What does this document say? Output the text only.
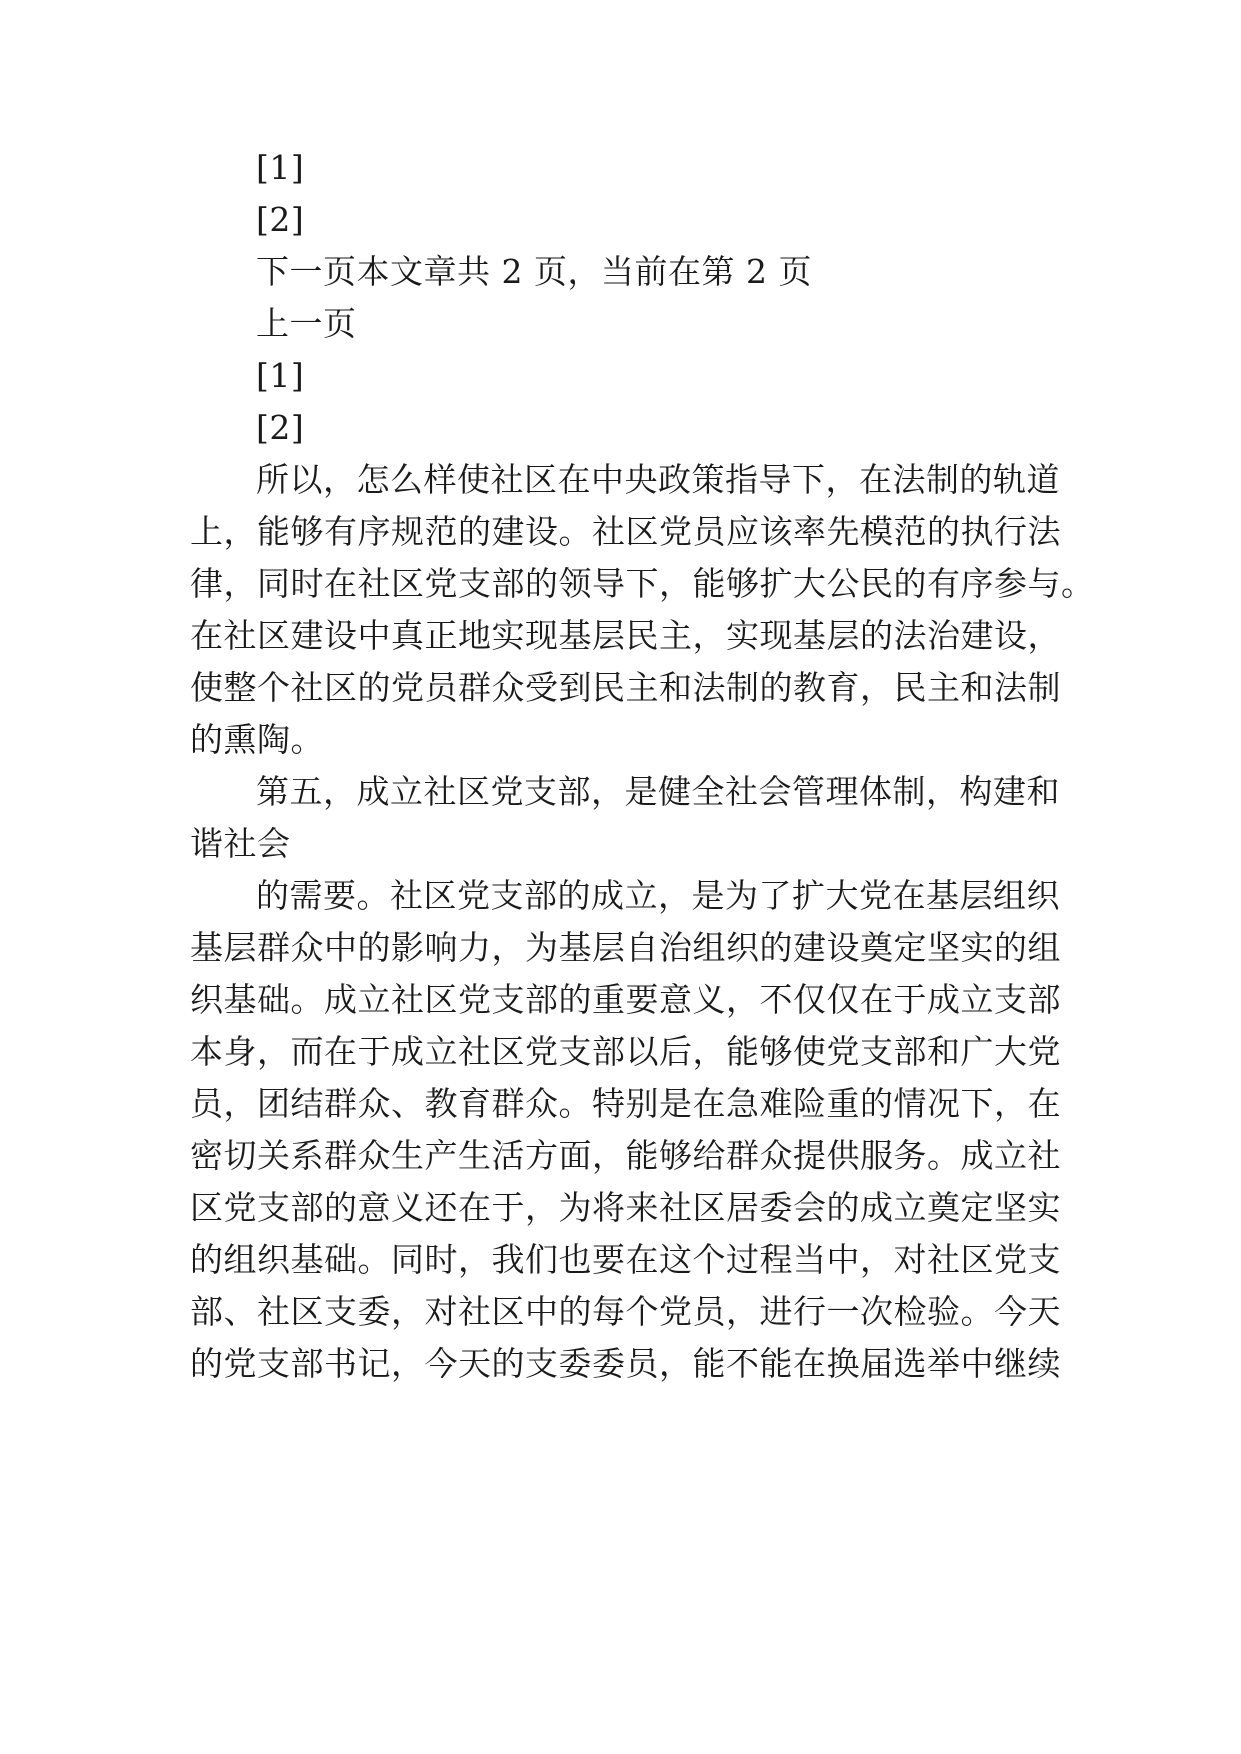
[1]
[2]
下一页本文章共 2 页，当前在第 2 页
上一页
[1]
[2]
所以，怎么样使社区在中央政策指导下，在法制的轨道
上，能够有序规范的建设。社区党员应该率先模范的执行法
律，同时在社区党支部的领导下，能够扩大公民的有序参与。
在社区建设中真正地实现基层民主，实现基层的法治建设，
使整个社区的党员群众受到民主和法制的教育，民主和法制
的熏陶。
第五，成立社区党支部，是健全社会管理体制，构建和
谐社会
的需要。社区党支部的成立，是为了扩大党在基层组织
基层群众中的影响力，为基层自治组织的建设奠定坚实的组
织基础。成立社区党支部的重要意义，不仅仅在于成立支部
本身，而在于成立社区党支部以后，能够使党支部和广大党
员，团结群众、教育群众。特别是在急难险重的情况下，在
密切关系群众生产生活方面，能够给群众提供服务。成立社
区党支部的意义还在于，为将来社区居委会的成立奠定坚实
的组织基础。同时，我们也要在这个过程当中，对社区党支
部、社区支委，对社区中的每个党员，进行一次检验。今天
的党支部书记，今天的支委委员，能不能在换届选举中继续
